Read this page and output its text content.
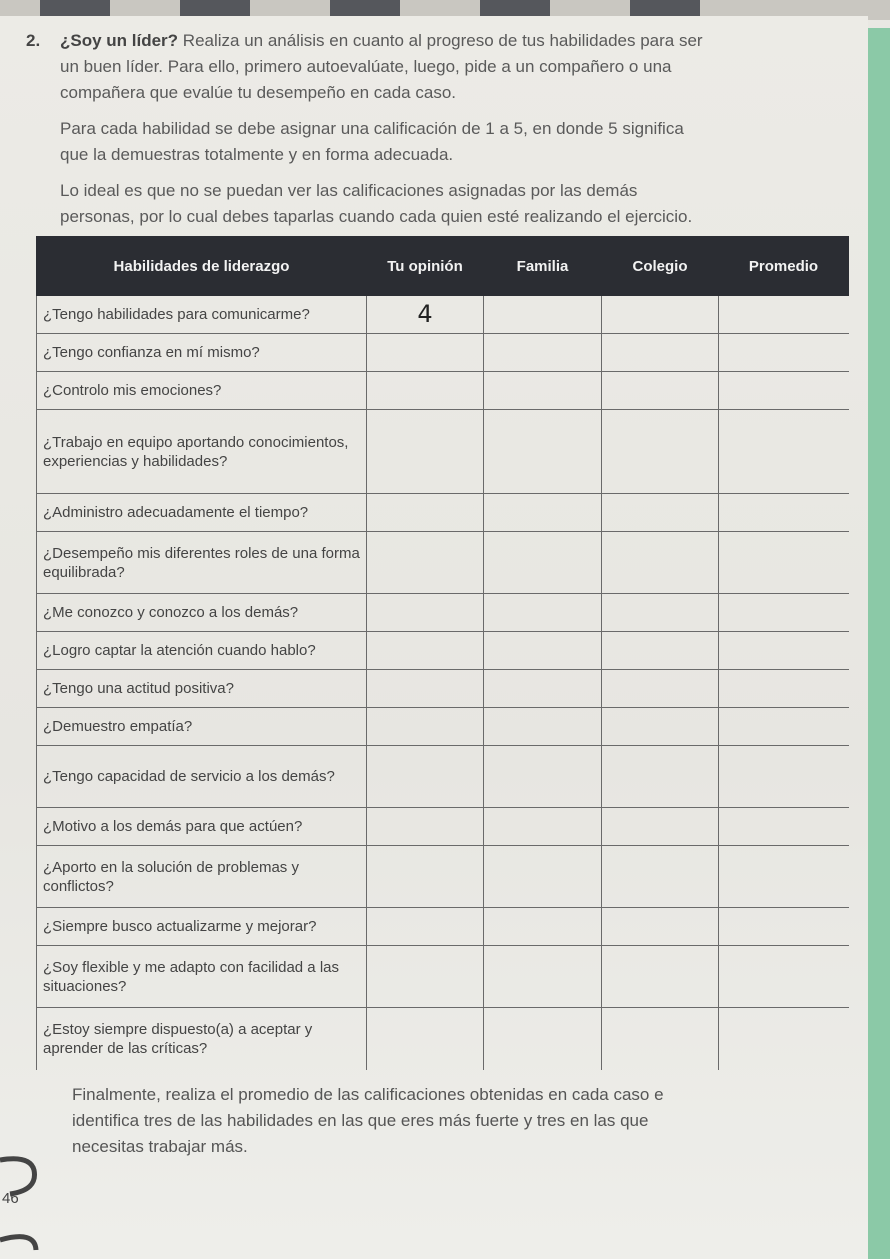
2.	¿Soy un líder? Realiza un análisis en cuanto al progreso de tus habilidades para ser

un buen líder. Para ello, primero autoevalúate, luego, pide a un compañero o una

compañera que evalúe tu desempeño en cada caso.

Para cada habilidad se debe asignar una calificación de 1 a 5, en donde 5 significa

que la demuestras totalmente y en forma adecuada.

Lo ideal es que no se puedan ver las calificaciones asignadas por las demás

personas, por lo cual debes taparlas cuando cada quien esté realizando el ejercicio.

Habilidades de liderazgo	Tu opinión	Familia	Colegio	Promedio
¿Tengo habilidades para comunicarme?	4			
¿Tengo confianza en mí mismo?				
¿Controlo mis emociones?				
¿Trabajo en equipo aportando conocimientos, experiencias y habilidades?				
¿Administro adecuadamente el tiempo?				
¿Desempeño mis diferentes roles de una forma equilibrada?				
¿Me conozco y conozco a los demás?				
¿Logro captar la atención cuando hablo?				
¿Tengo una actitud positiva?				
¿Demuestro empatía?				
¿Tengo capacidad de servicio a los demás?				
¿Motivo a los demás para que actúen?				
¿Aporto en la solución de problemas y conflictos?				
¿Siempre busco actualizarme y mejorar?				
¿Soy flexible y me adapto con facilidad a las situaciones?				
¿Estoy siempre dispuesto(a) a aceptar y aprender de las críticas?				

Finalmente, realiza el promedio de las calificaciones obtenidas en cada caso e

identifica tres de las habilidades en las que eres más fuerte y tres en las que

necesitas trabajar más.

46
